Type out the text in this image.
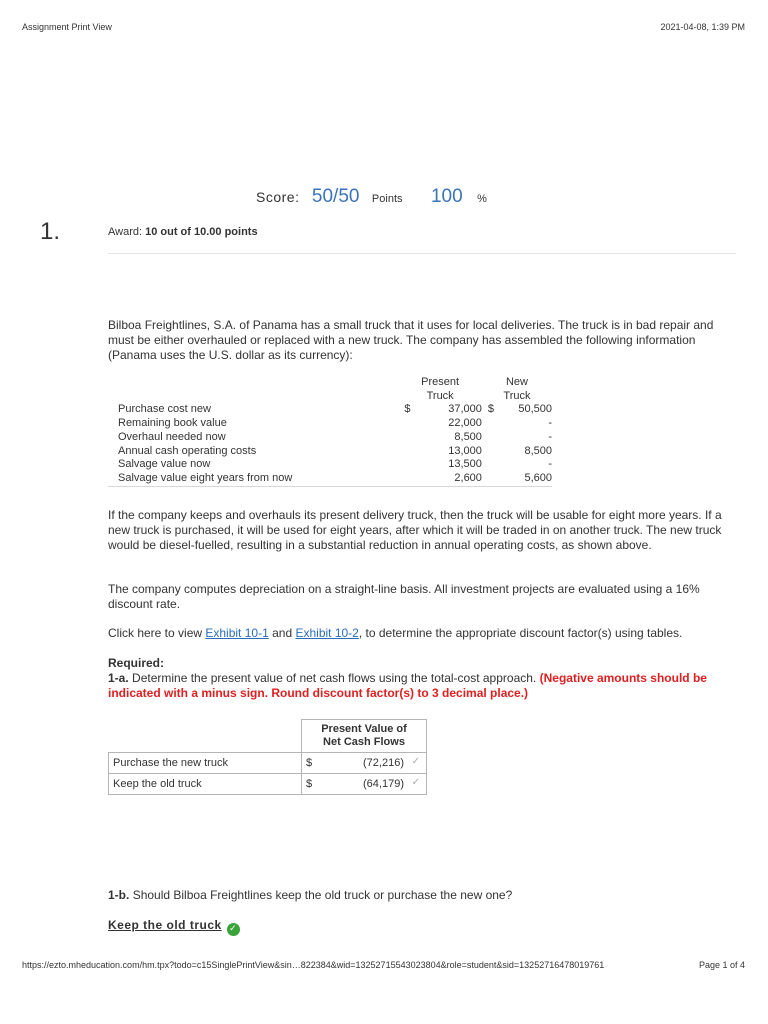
Assignment Print View	2021-04-08, 1:39 PM
Score: 50/50 Points 100 %
1.	Award: 10 out of 10.00 points
Bilboa Freightlines, S.A. of Panama has a small truck that it uses for local deliveries. The truck is in bad repair and must be either overhauled or replaced with a new truck. The company has assembled the following information (Panama uses the U.S. dollar as its currency):
	Present	New
	Truck	Truck
Purchase cost new	$ 37,000	$ 50,500
Remaining book value	22,000	-
Overhaul needed now	8,500	-
Annual cash operating costs	13,000	8,500
Salvage value now	13,500	-
Salvage value eight years from now	2,600	5,600

If the company keeps and overhauls its present delivery truck, then the truck will be usable for eight more years. If a new truck is purchased, it will be used for eight years, after which it will be traded in on another truck. The new truck would be diesel-fuelled, resulting in a substantial reduction in annual operating costs, as shown above.
The company computes depreciation on a straight-line basis. All investment projects are evaluated using a 16% discount rate.
Click here to view Exhibit 10-1 and Exhibit 10-2, to determine the appropriate discount factor(s) using tables.
Required:
1-a. Determine the present value of net cash flows using the total-cost approach. (Negative amounts should be indicated with a minus sign. Round discount factor(s) to 3 decimal place.)
	Present Value of
Net Cash Flows
Purchase the new truck	$ (72,216) ✓

Keep the old truck	$ (64,179) ✓
1-b. Should Bilboa Freightlines keep the old truck or purchase the new one?
Keep the old truck ✓
https://ezto.mheducation.com/hm.tpx?todo=c15SinglePrintView&sin…822384&wid=13252715543023804&role=student&sid=13252716478019761	Page 1 of 4
